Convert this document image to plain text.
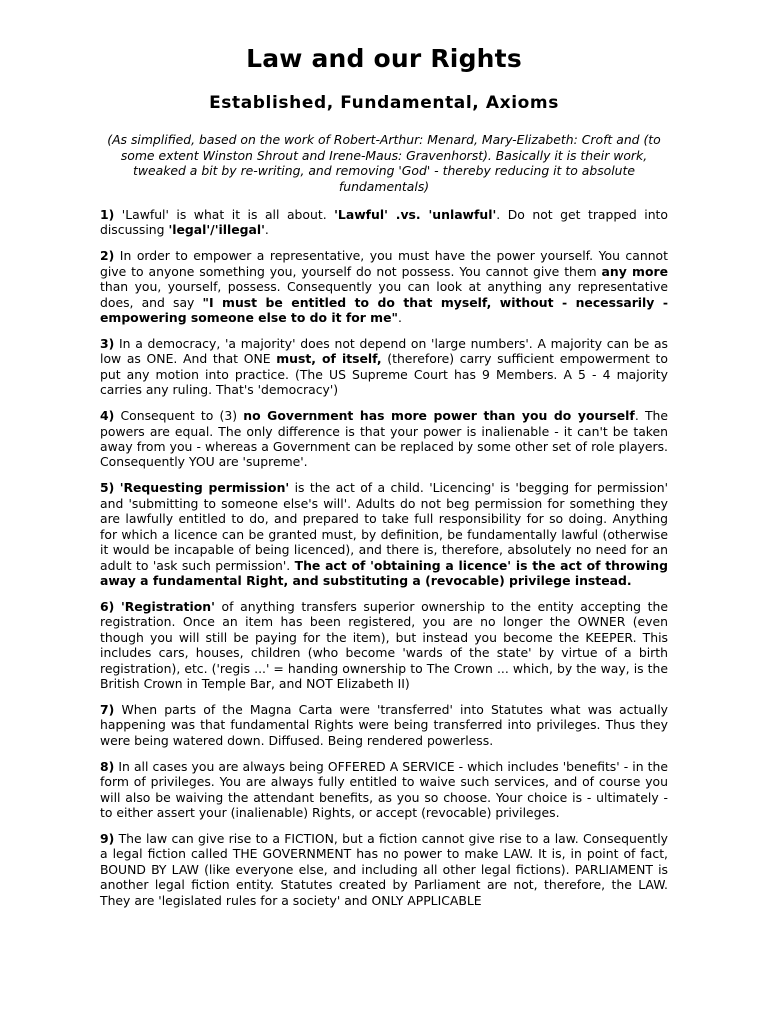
Law and our Rights
Established, Fundamental, Axioms
(As simplified, based on the work of Robert-Arthur: Menard, Mary-Elizabeth: Croft and (to some extent Winston Shrout and Irene-Maus: Gravenhorst). Basically it is their work, tweaked a bit by re-writing, and removing 'God' - thereby reducing it to absolute fundamentals)

1) 'Lawful' is what it is all about. 'Lawful' .vs. 'unlawful'. Do not get trapped into discussing 'legal'/'illegal'.

2) In order to empower a representative, you must have the power yourself. You cannot give to anyone something you, yourself do not possess. You cannot give them any more than you, yourself, possess. Consequently you can look at anything any representative does, and say "I must be entitled to do that myself, without - necessarily - empowering someone else to do it for me".

3) In a democracy, 'a majority' does not depend on 'large numbers'. A majority can be as low as ONE. And that ONE must, of itself, (therefore) carry sufficient empowerment to put any motion into practice. (The US Supreme Court has 9 Members. A 5 - 4 majority carries any ruling. That's 'democracy')

4) Consequent to (3) no Government has more power than you do yourself. The powers are equal. The only difference is that your power is inalienable - it can't be taken away from you - whereas a Government can be replaced by some other set of role players. Consequently YOU are 'supreme'.

5) 'Requesting permission' is the act of a child. 'Licencing' is 'begging for permission' and 'submitting to someone else's will'. Adults do not beg permission for something they are lawfully entitled to do, and prepared to take full responsibility for so doing. Anything for which a licence can be granted must, by definition, be fundamentally lawful (otherwise it would be incapable of being licenced), and there is, therefore, absolutely no need for an adult to 'ask such permission'. The act of 'obtaining a licence' is the act of throwing away a fundamental Right, and substituting a (revocable) privilege instead.

6) 'Registration' of anything transfers superior ownership to the entity accepting the registration. Once an item has been registered, you are no longer the OWNER (even though you will still be paying for the item), but instead you become the KEEPER. This includes cars, houses, children (who become 'wards of the state' by virtue of a birth registration), etc. ('regis ...' = handing ownership to The Crown ... which, by the way, is the British Crown in Temple Bar, and NOT Elizabeth II)

7) When parts of the Magna Carta were 'transferred' into Statutes what was actually happening was that fundamental Rights were being transferred into privileges. Thus they were being watered down. Diffused. Being rendered powerless.

8) In all cases you are always being OFFERED A SERVICE - which includes 'benefits' - in the form of privileges. You are always fully entitled to waive such services, and of course you will also be waiving the attendant benefits, as you so choose. Your choice is - ultimately - to either assert your (inalienable) Rights, or accept (revocable) privileges.

9) The law can give rise to a FICTION, but a fiction cannot give rise to a law. Consequently a legal fiction called THE GOVERNMENT has no power to make LAW. It is, in point of fact, BOUND BY LAW (like everyone else, and including all other legal fictions). PARLIAMENT is another legal fiction entity. Statutes created by Parliament are not, therefore, the LAW. They are 'legislated rules for a society' and ONLY APPLICABLE
